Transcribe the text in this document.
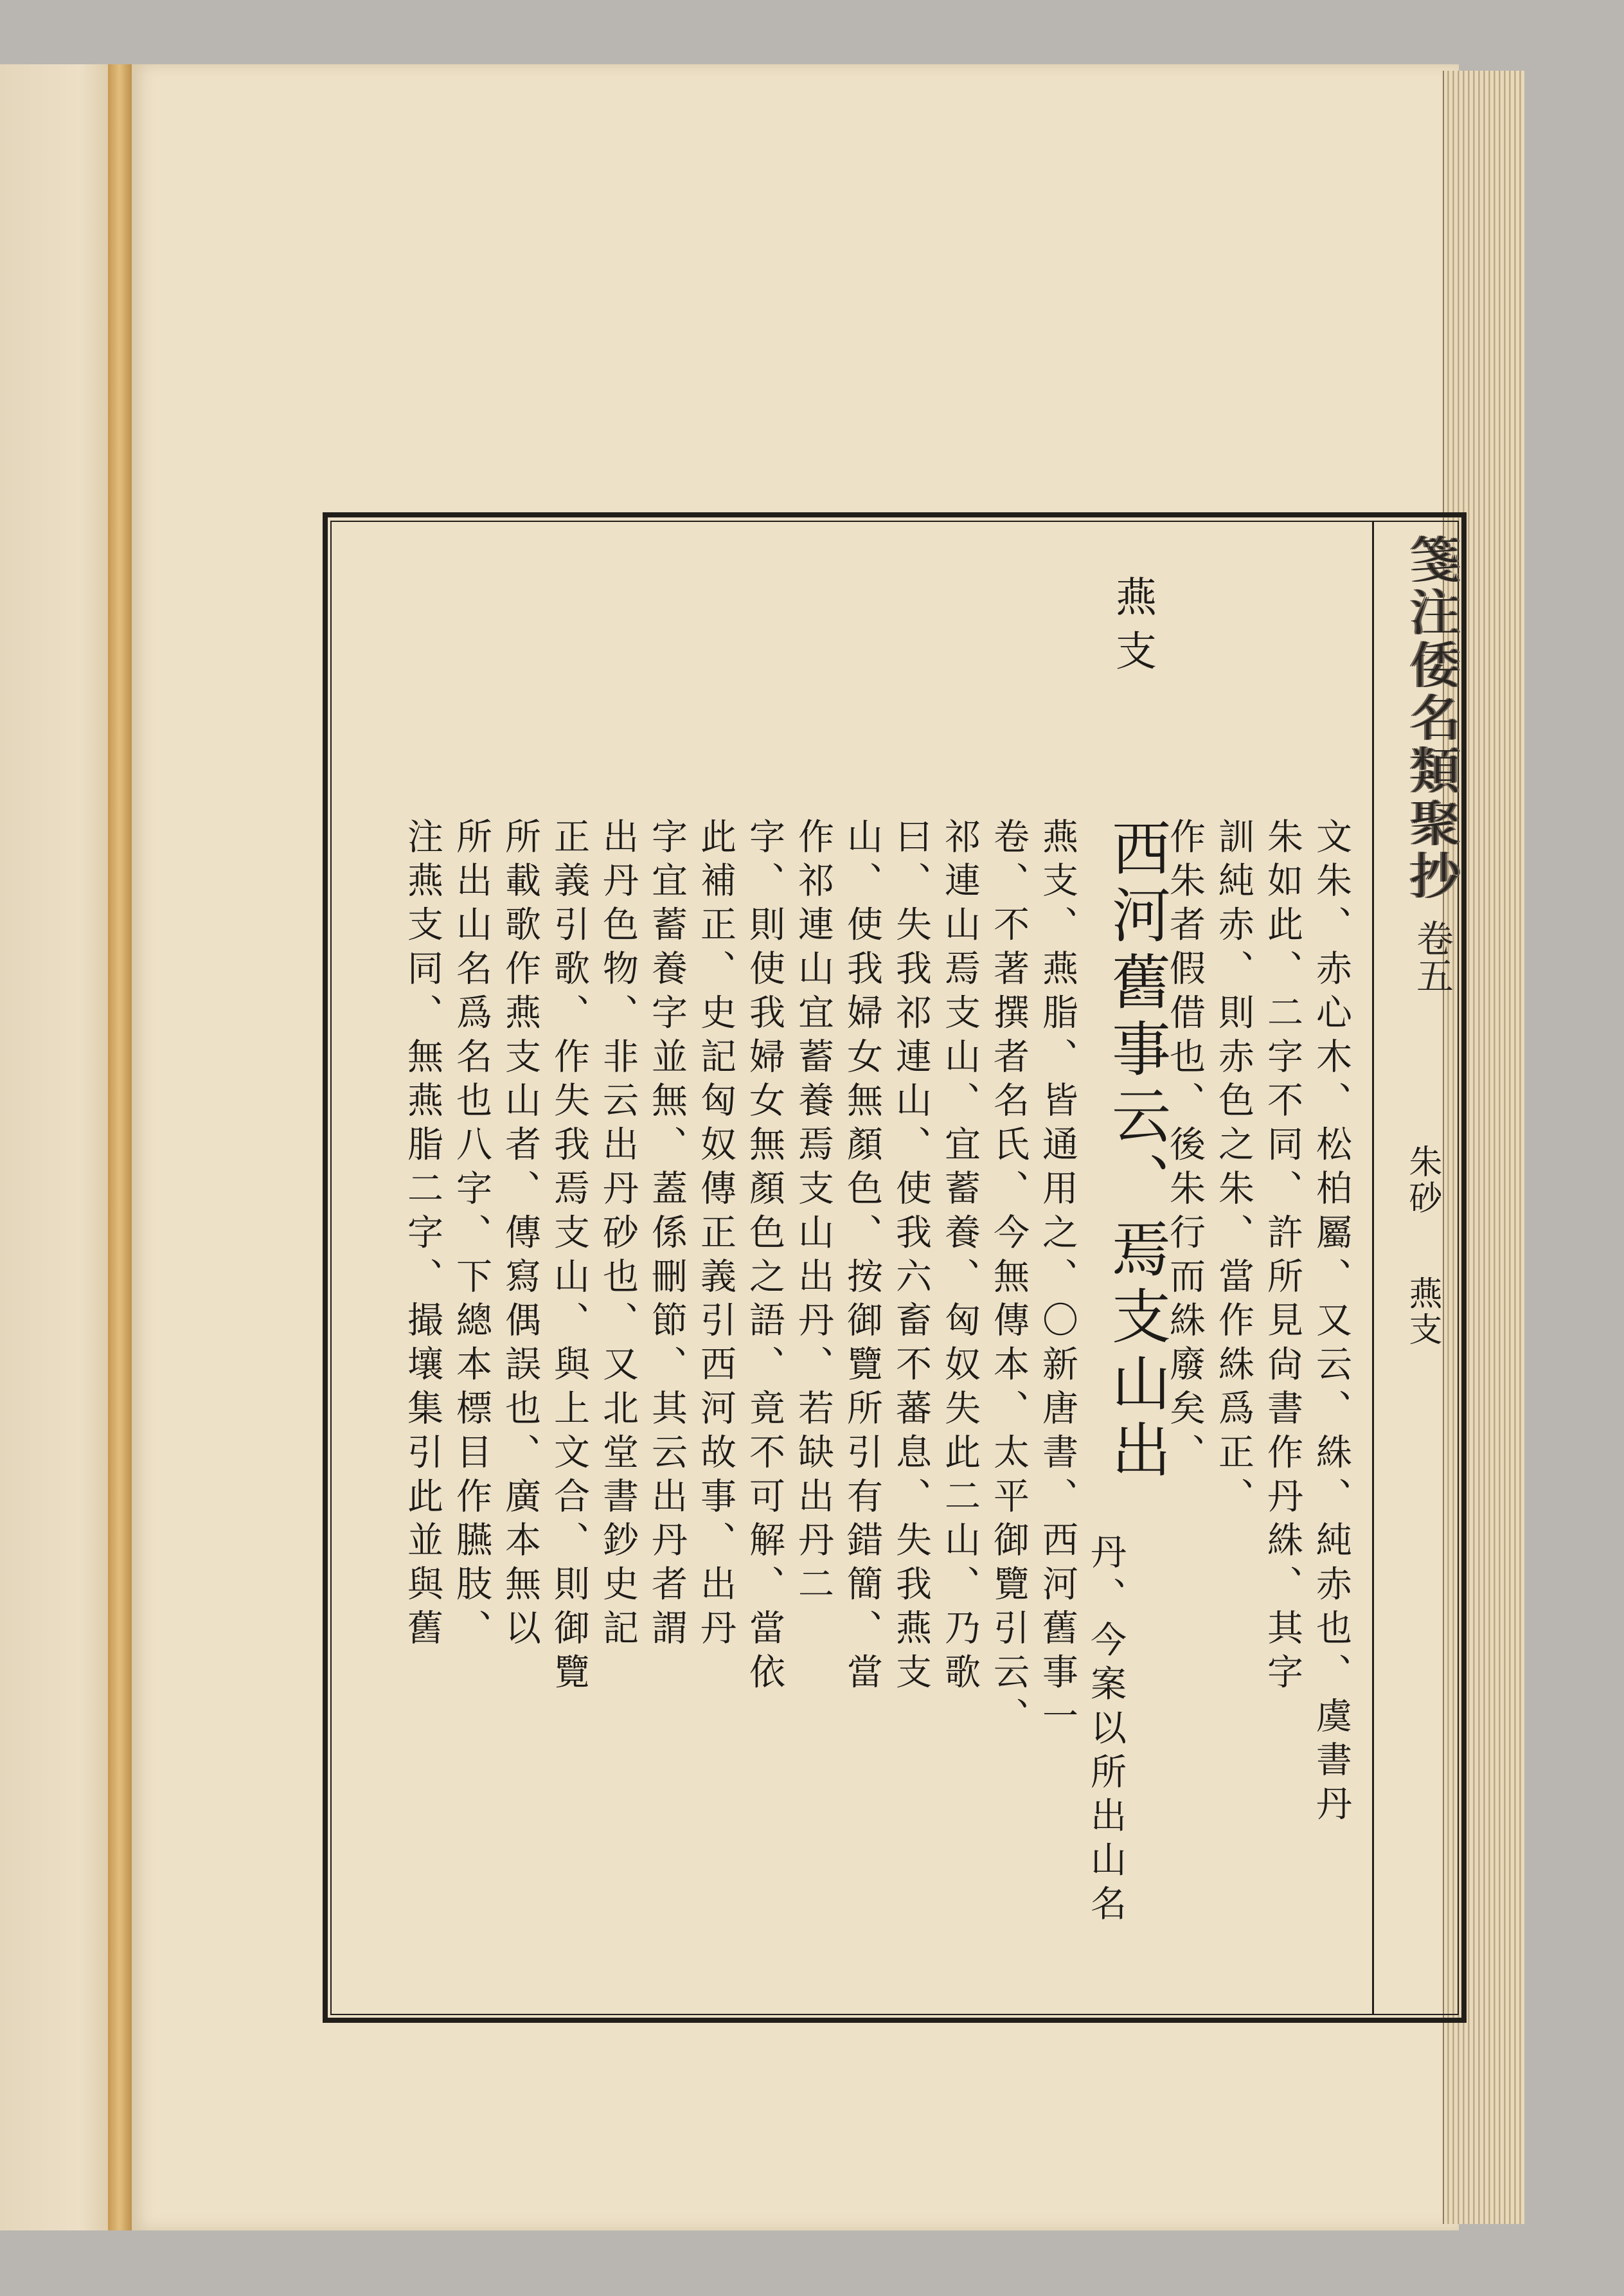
箋注倭名類聚抄
卷五
朱砂
燕支
燕支
西河舊事云、焉支山出	文朱、赤心木、松柏屬、又云、絑、純赤也、虞書丹
朱如此、二字不同、許所見尙書作丹絑、其字
訓純赤、則赤色之朱、當作絑爲正、
作朱者假借也、後朱行而絑廢矣、
丹、今案以所出山名
燕支、燕脂、皆通用之、〇新唐書、西河舊事一
卷、不著撰者名氏、今無傳本、太平御覽引云、
祁連山焉支山、宜蓄養、匈奴失此二山、乃歌
曰、失我祁連山、使我六畜不蕃息、失我燕支
山、使我婦女無顏色、按御覽所引有錯簡、當
作祁連山宜蓄養焉支山出丹、若缺出丹二
字、則使我婦女無顏色之語、竟不可解、當依
此補正、史記匈奴傳正義引西河故事、出丹
字宜蓄養字並無、蓋係刪節、其云出丹者謂
出丹色物、非云出丹砂也、又北堂書鈔史記
正義引歌、作失我焉支山、與上文合、則御覽
所載歌作燕支山者、傳寫偶誤也、廣本無以
所出山名爲名也八字、下總本標目作臙肢、
注燕支同、無燕脂二字、撮壤集引此並與舊
